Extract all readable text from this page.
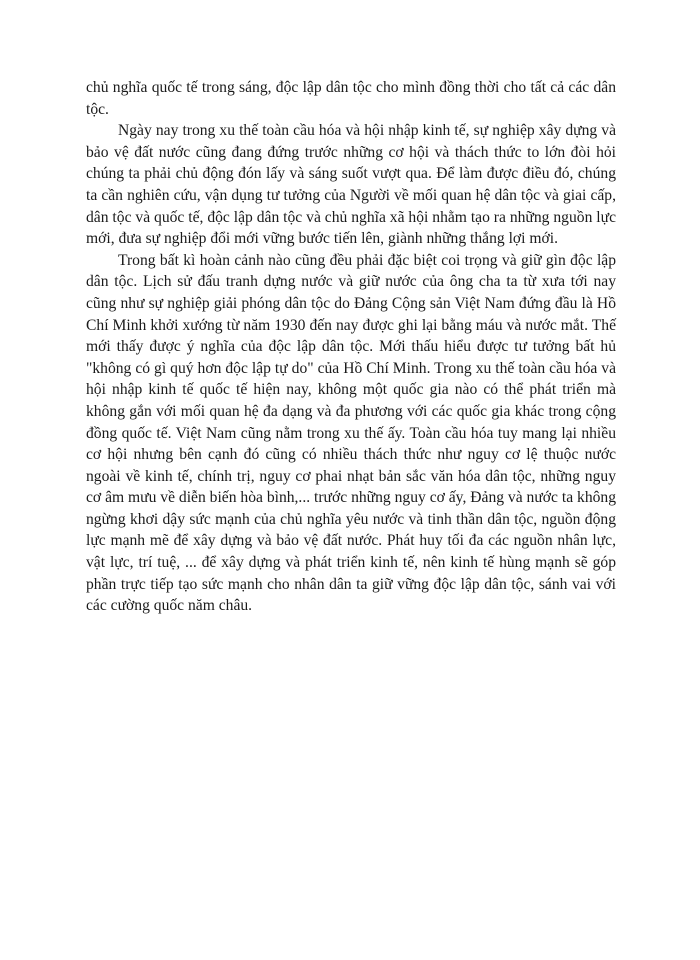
chủ nghĩa quốc tế trong sáng, độc lập dân tộc cho mình đồng thời cho tất cả các dân tộc.

Ngày nay trong xu thế toàn cầu hóa và hội nhập kinh tế, sự nghiệp xây dựng và bảo vệ đất nước cũng đang đứng trước những cơ hội và thách thức to lớn đòi hỏi chúng ta phải chủ động đón lấy và sáng suốt vượt qua. Để làm được điều đó, chúng ta cần nghiên cứu, vận dụng tư tưởng của Người về mối quan hệ dân tộc và giai cấp, dân tộc và quốc tế, độc lập dân tộc và chủ nghĩa xã hội nhằm tạo ra những nguồn lực mới, đưa sự nghiệp đổi mới vững bước tiến lên, giành những thắng lợi mới.

Trong bất kì hoàn cảnh nào cũng đều phải đặc biệt coi trọng và giữ gìn độc lập dân tộc. Lịch sử đấu tranh dựng nước và giữ nước của ông cha ta từ xưa tới nay cũng như sự nghiệp giải phóng dân tộc do Đảng Cộng sản Việt Nam đứng đầu là Hồ Chí Minh khởi xướng từ năm 1930 đến nay được ghi lại bằng máu và nước mắt. Thế mới thấy được ý nghĩa của độc lập dân tộc. Mới thấu hiểu được tư tưởng bất hủ "không có gì quý hơn độc lập tự do" của Hồ Chí Minh. Trong xu thế toàn cầu hóa và hội nhập kinh tế quốc tế hiện nay, không một quốc gia nào có thể phát triển mà không gắn với mối quan hệ đa dạng và đa phương với các quốc gia khác trong cộng đồng quốc tế. Việt Nam cũng nằm trong xu thế ấy. Toàn cầu hóa tuy mang lại nhiều cơ hội nhưng bên cạnh đó cũng có nhiều thách thức như nguy cơ lệ thuộc nước ngoài về kinh tế, chính trị, nguy cơ phai nhạt bản sắc văn hóa dân tộc, những nguy cơ âm mưu về diễn biến hòa bình,... trước những nguy cơ ấy, Đảng và nước ta không ngừng khơi dậy sức mạnh của chủ nghĩa yêu nước và tinh thần dân tộc, nguồn động lực mạnh mẽ để xây dựng và bảo vệ đất nước. Phát huy tối đa các nguồn nhân lực, vật lực, trí tuệ, ... để xây dựng và phát triển kinh tế, nên kinh tế hùng mạnh sẽ góp phần trực tiếp tạo sức mạnh cho nhân dân ta giữ vững độc lập dân tộc, sánh vai với các cường quốc năm châu.
